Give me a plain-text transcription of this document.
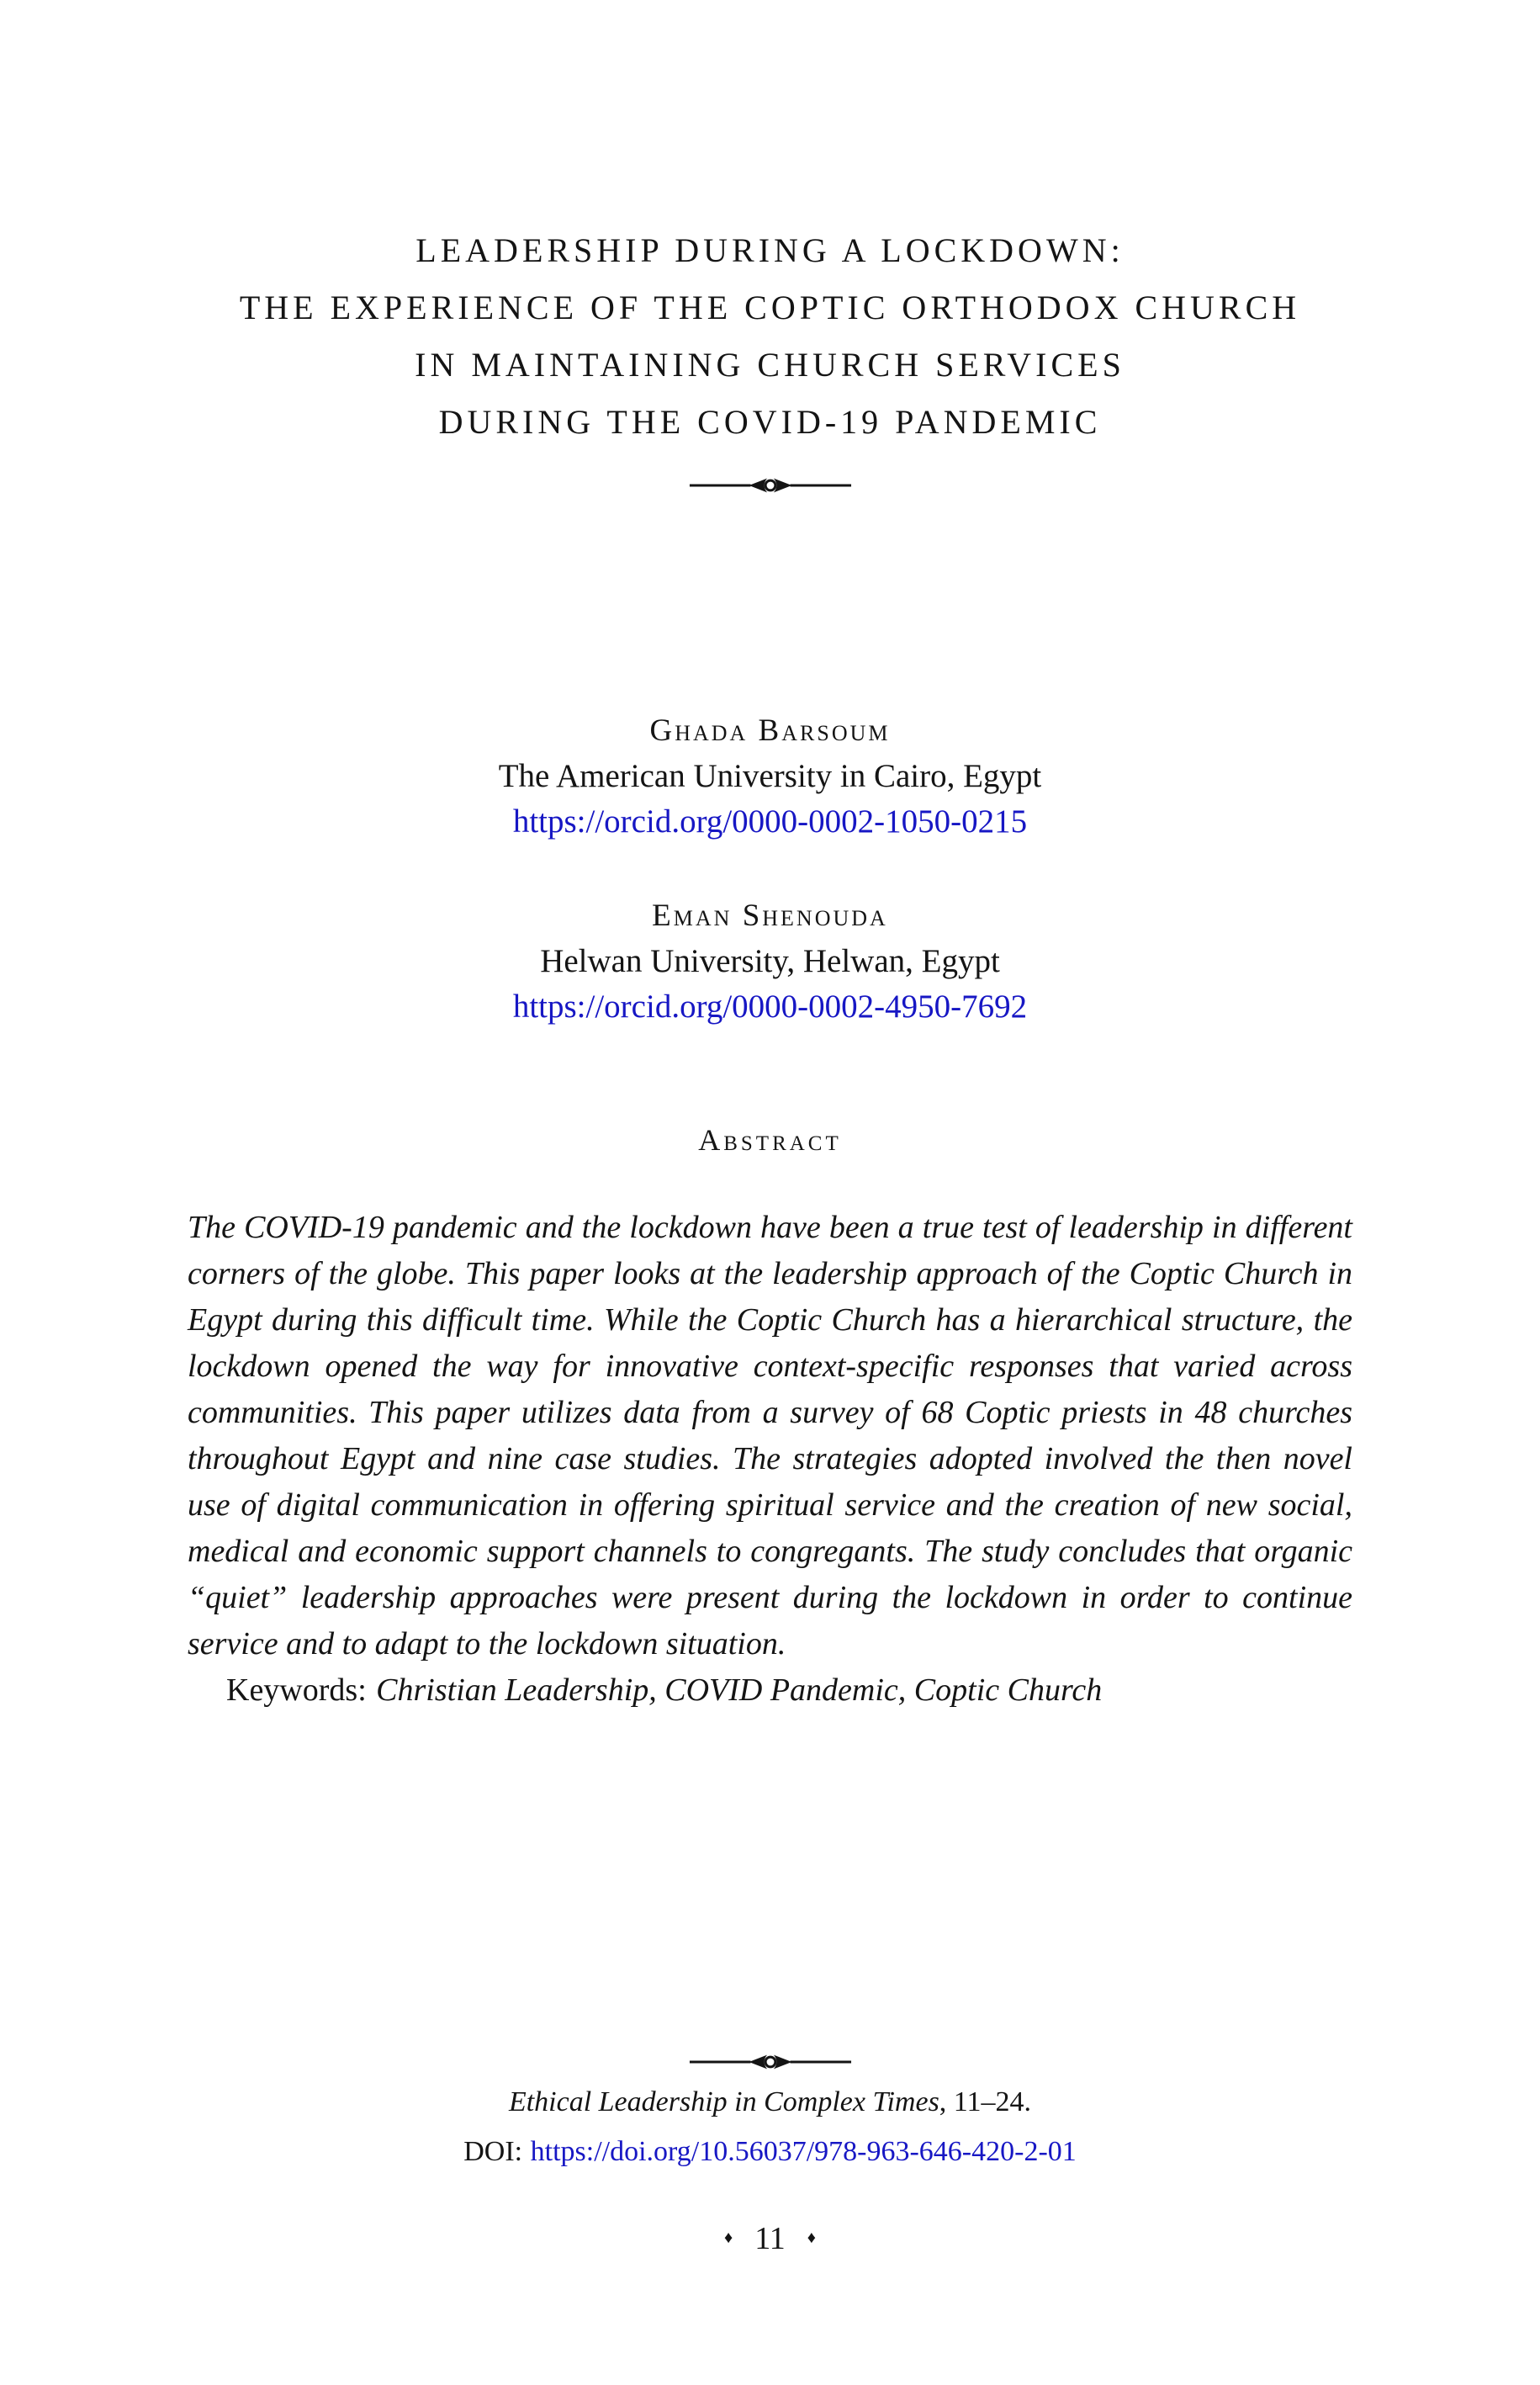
LEADERSHIP DURING A LOCKDOWN:
THE EXPERIENCE OF THE COPTIC ORTHODOX CHURCH
IN MAINTAINING CHURCH SERVICES
DURING THE COVID-19 PANDEMIC
Ghada Barsoum
The American University in Cairo, Egypt
https://orcid.org/0000-0002-1050-0215
Eman Shenouda
Helwan University, Helwan, Egypt
https://orcid.org/0000-0002-4950-7692
Abstract

The COVID-19 pandemic and the lockdown have been a true test of leadership in different corners of the globe. This paper looks at the leadership approach of the Coptic Church in Egypt during this difficult time. While the Coptic Church has a hierarchical structure, the lockdown opened the way for innovative context-specific responses that varied across communities. This paper utilizes data from a survey of 68 Coptic priests in 48 churches throughout Egypt and nine case studies. The strategies adopted involved the then novel use of digital communication in offering spiritual service and the creation of new social, medical and economic support channels to congregants. The study concludes that organic “quiet” leadership approaches were present during the lockdown in order to continue service and to adapt to the lockdown situation.

Keywords: Christian Leadership, COVID Pandemic, Coptic Church
Ethical Leadership in Complex Times, 11–24.
DOI: https://doi.org/10.56037/978-963-646-420-2-01
♦ 11 ♦
